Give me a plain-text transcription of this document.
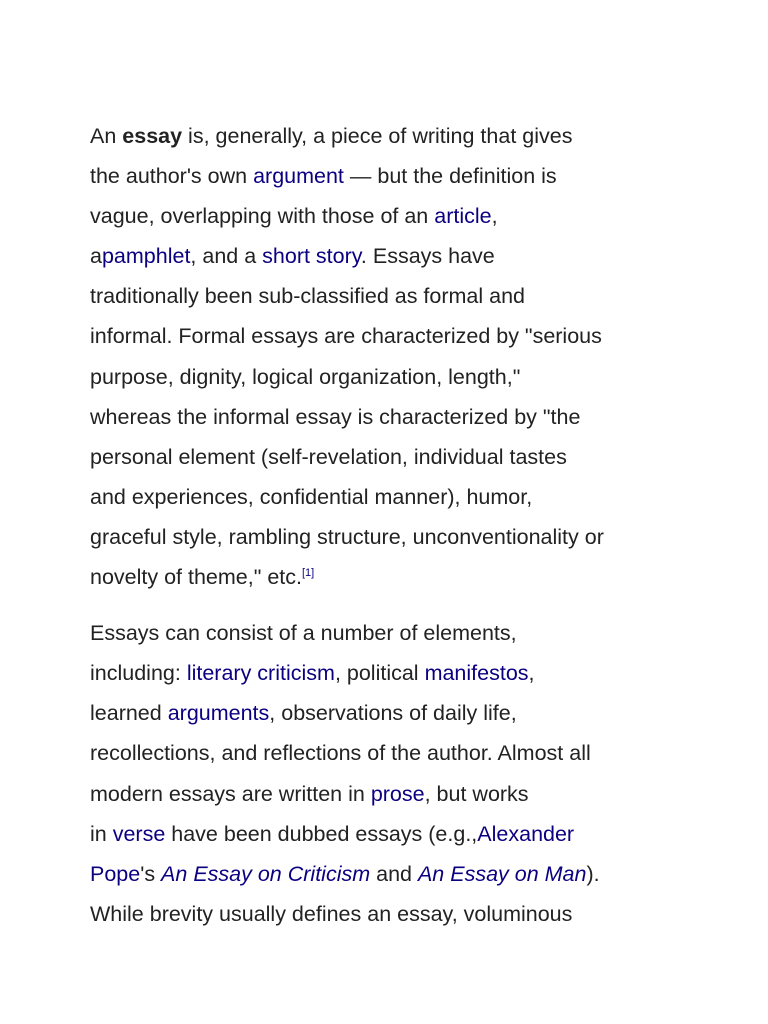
An essay is, generally, a piece of writing that gives
the author's own argument — but the definition is
vague, overlapping with those of an article,
apamphlet, and a short story. Essays have
traditionally been sub-classified as formal and
informal. Formal essays are characterized by "serious
purpose, dignity, logical organization, length,"
whereas the informal essay is characterized by "the
personal element (self-revelation, individual tastes
and experiences, confidential manner), humor,
graceful style, rambling structure, unconventionality or
novelty of theme," etc.[1]

Essays can consist of a number of elements,
including: literary criticism, political manifestos,
learned arguments, observations of daily life,
recollections, and reflections of the author. Almost all
modern essays are written in prose, but works
in verse have been dubbed essays (e.g.,Alexander
Pope's An Essay on Criticism and An Essay on Man).
While brevity usually defines an essay, voluminous
